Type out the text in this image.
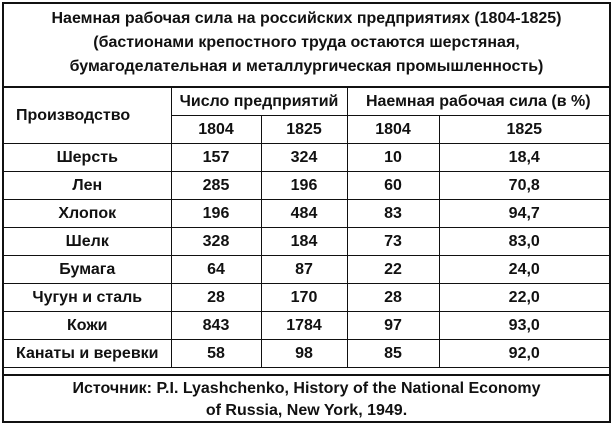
Наемная рабочая сила на российских предприятиях (1804-1825)
(бастионами крепостного труда остаются шерстяная,
бумагоделательная и металлургическая промышленность)
Производство	Число предприятий		Наемная рабочая сила (в %)	
	1804	1825	1804	1825
Шерсть	157	324	10	18,4
Лен	285	196	60	70,8
Хлопок	196	484	83	94,7
Шелк	328	184	73	83,0
Бумага	64	87	22	24,0
Чугун и сталь	28	170	28	22,0
Кожи	843	1784	97	93,0
Канаты и веревки	58	98	85	92,0
Источник: P.I. Lyashchenko, History of the National Economy
of Russia, New York, 1949.
